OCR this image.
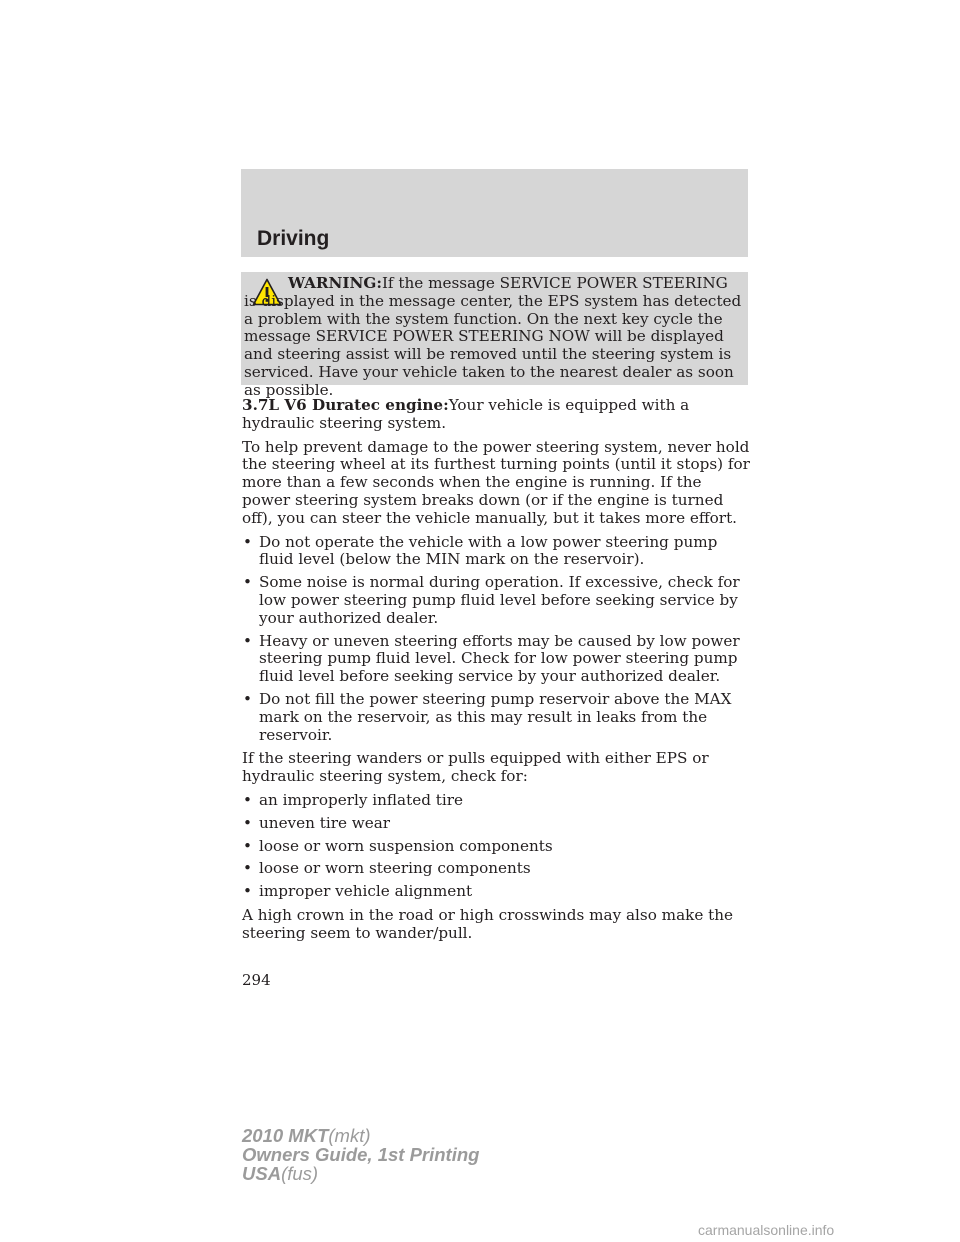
Driving
WARNING:If the message SERVICE POWER STEERING is displayed in the message center, the EPS system has detected a problem with the system function. On the next key cycle the message SERVICE POWER STEERING NOW will be displayed and steering assist will be removed until the steering system is serviced. Have your vehicle taken to the nearest dealer as soon as possible.

3.7L V6 Duratec engine:Your vehicle is equipped with a hydraulic steering system.

To help prevent damage to the power steering system, never hold the steering wheel at its furthest turning points (until it stops) for more than a few seconds when the engine is running. If the power steering system breaks down (or if the engine is turned off), you can steer the vehicle manually, but it takes more effort.

• Do not operate the vehicle with a low power steering pump fluid level (below the MIN mark on the reservoir).
• Some noise is normal during operation. If excessive, check for low power steering pump fluid level before seeking service by your authorized dealer.
• Heavy or uneven steering efforts may be caused by low power steering pump fluid level. Check for low power steering pump fluid level before seeking service by your authorized dealer.
• Do not fill the power steering pump reservoir above the MAX mark on the reservoir, as this may result in leaks from the reservoir.

If the steering wanders or pulls equipped with either EPS or hydraulic steering system, check for:

• an improperly inflated tire
• uneven tire wear
• loose or worn suspension components
• loose or worn steering components
• improper vehicle alignment

A high crown in the road or high crosswinds may also make the steering seem to wander/pull.

294
2010 MKT(mkt)
Owners Guide, 1st Printing
USA(fus)
carmanualsonline.info
